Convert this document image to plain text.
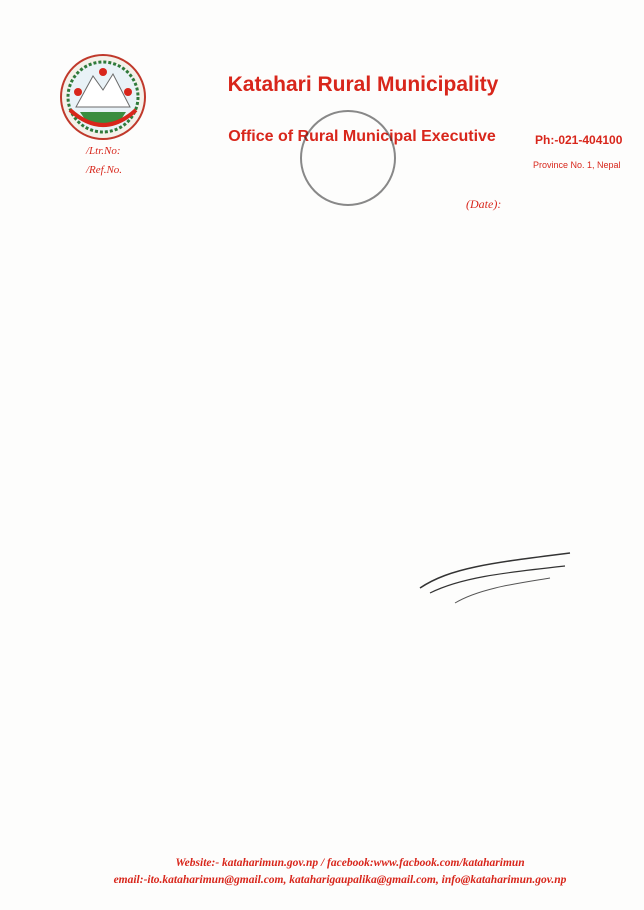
Katahari Rural Municipality
Office of Rural Municipal Executive	Ph:-021-404100
Province No. 1, Nepal
/Ltr.No:
/Ref.No.
(Date):

Website:- kataharimun.gov.np / facebook:www.facbook.com/kataharimun
email:-ito.kataharimun@gmail.com, kataharigaupalika@gmail.com, info@kataharimun.gov.np
